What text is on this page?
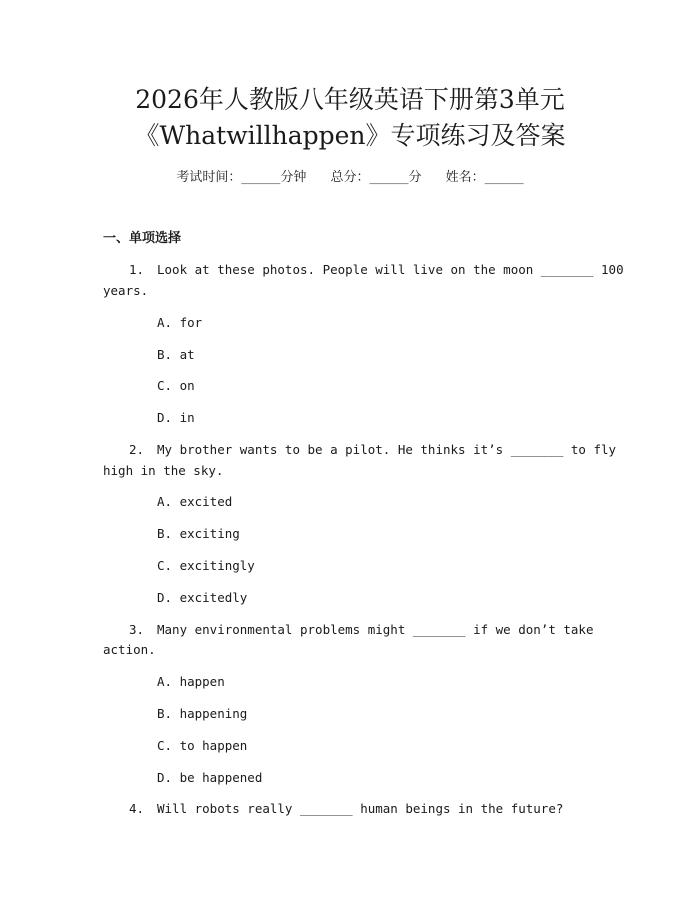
2026年人教版八年级英语下册第3单元
《Whatwillhappen》专项练习及答案
考试时间：______分钟 总分：______分 姓名：______
一、单项选择
1. Look at these photos. People will live on the moon _______ 100
years.
A. for
B. at
C. on
D. in
2. My brother wants to be a pilot. He thinks it’s _______ to fly
high in the sky.
A. excited
B. exciting
C. excitingly
D. excitedly
3. Many environmental problems might _______ if we don’t take
action.
A. happen
B. happening
C. to happen
D. be happened
4. Will robots really _______ human beings in the future?
